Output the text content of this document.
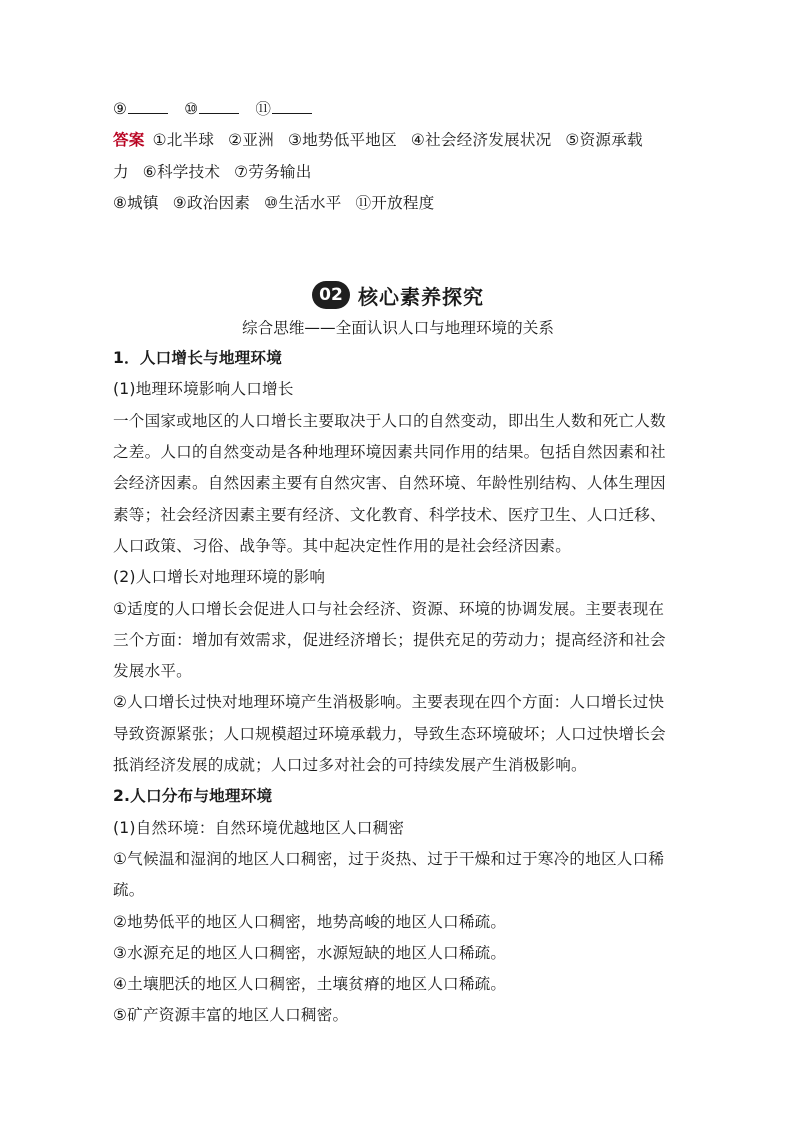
⑨	⑩	⑪
答案 ①北半球 ②亚洲 ③地势低平地区 ④社会经济发展状况 ⑤资源承载
力 ⑥科学技术 ⑦劳务输出
⑧城镇 ⑨政治因素 ⑩生活水平 ⑪开放程度
02 核心素养探究
综合思维——全面认识人口与地理环境的关系
1．人口增长与地理环境
(1)地理环境影响人口增长
一个国家或地区的人口增长主要取决于人口的自然变动，即出生人数和死亡人数
之差。人口的自然变动是各种地理环境因素共同作用的结果。包括自然因素和社
会经济因素。自然因素主要有自然灾害、自然环境、年龄性别结构、人体生理因
素等；社会经济因素主要有经济、文化教育、科学技术、医疗卫生、人口迁移、
人口政策、习俗、战争等。其中起决定性作用的是社会经济因素。
(2)人口增长对地理环境的影响
①适度的人口增长会促进人口与社会经济、资源、环境的协调发展。主要表现在
三个方面：增加有效需求，促进经济增长；提供充足的劳动力；提高经济和社会
发展水平。
②人口增长过快对地理环境产生消极影响。主要表现在四个方面：人口增长过快
导致资源紧张；人口规模超过环境承载力，导致生态环境破坏；人口过快增长会
抵消经济发展的成就；人口过多对社会的可持续发展产生消极影响。
2.人口分布与地理环境
(1)自然环境：自然环境优越地区人口稠密
①气候温和湿润的地区人口稠密，过于炎热、过于干燥和过于寒冷的地区人口稀
疏。
②地势低平的地区人口稠密，地势高峻的地区人口稀疏。
③水源充足的地区人口稠密，水源短缺的地区人口稀疏。
④土壤肥沃的地区人口稠密，土壤贫瘠的地区人口稀疏。
⑤矿产资源丰富的地区人口稠密。
